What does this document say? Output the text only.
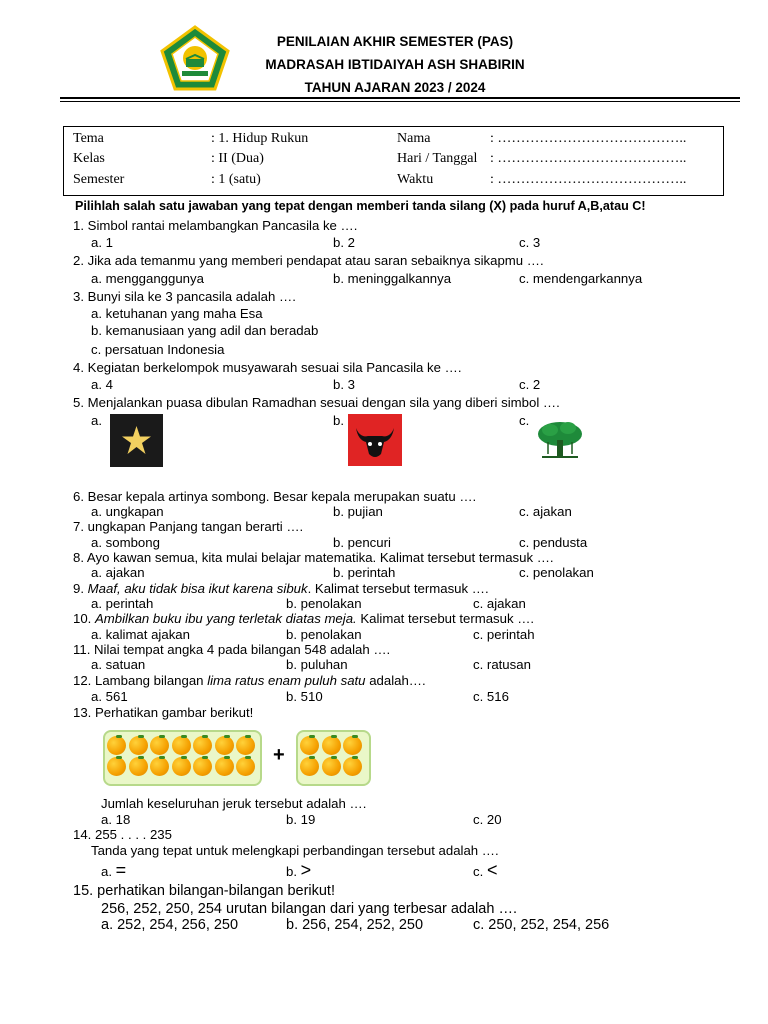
PENILAIAN AKHIR SEMESTER (PAS)
MADRASAH IBTIDAIYAH ASH SHABIRIN
TAHUN AJARAN 2023 / 2024
Tema	: 1. Hidup Rukun	Nama	: …………………………………..
Kelas	: II (Dua)	Hari / Tanggal : …………………………………..
Semester	: 1 (satu)	Waktu	: …………………………………..
Pilihlah salah satu jawaban yang tepat dengan memberi tanda silang (X) pada huruf A,B,atau C!
1. Simbol rantai melambangkan Pancasila ke ….
a. 1	b. 2	c. 3
2. Jika ada temanmu yang memberi pendapat atau saran sebaiknya sikapmu ….
a. mengganggunya	b. meninggalkannya	c. mendengarkannya
3. Bunyi sila ke 3 pancasila adalah ….
a. ketuhanan yang maha Esa
b. kemanusiaan yang adil dan beradab
c. persatuan Indonesia
4. Kegiatan berkelompok musyawarah sesuai sila Pancasila ke ….
a. 4	b. 3	c. 2
5. Menjalankan puasa dibulan Ramadhan sesuai dengan sila yang diberi simbol ….
a.	b.	c.
6. Besar kepala artinya sombong. Besar kepala merupakan suatu ….
a. ungkapan	b. pujian	c. ajakan
7. ungkapan Panjang tangan berarti ….
a. sombong	b. pencuri	c. pendusta
8. Ayo kawan semua, kita mulai belajar matematika. Kalimat tersebut termasuk ….
a. ajakan	b. perintah	c. penolakan
9. Maaf, aku tidak bisa ikut karena sibuk. Kalimat tersebut termasuk ….
a. perintah	b. penolakan	c. ajakan
10. Ambilkan buku ibu yang terletak diatas meja. Kalimat tersebut termasuk ….
a. kalimat ajakan	b. penolakan	c. perintah
11. Nilai tempat angka 4 pada bilangan 548 adalah ….
a. satuan	b. puluhan	c. ratusan
12. Lambang bilangan lima ratus enam puluh satu adalah….
a. 561	b. 510	c. 516
13. Perhatikan gambar berikut!
+
Jumlah keseluruhan jeruk tersebut adalah ….
a. 18	b. 19	c. 20
14. 255 . . . . 235
Tanda yang tepat untuk melengkapi perbandingan tersebut adalah ….
a. =	b. >	c. <
15. perhatikan bilangan-bilangan berikut!
256, 252, 250, 254 urutan bilangan dari yang terbesar adalah ….
a. 252, 254, 256, 250	b. 256, 254, 252, 250	c. 250, 252, 254, 256
